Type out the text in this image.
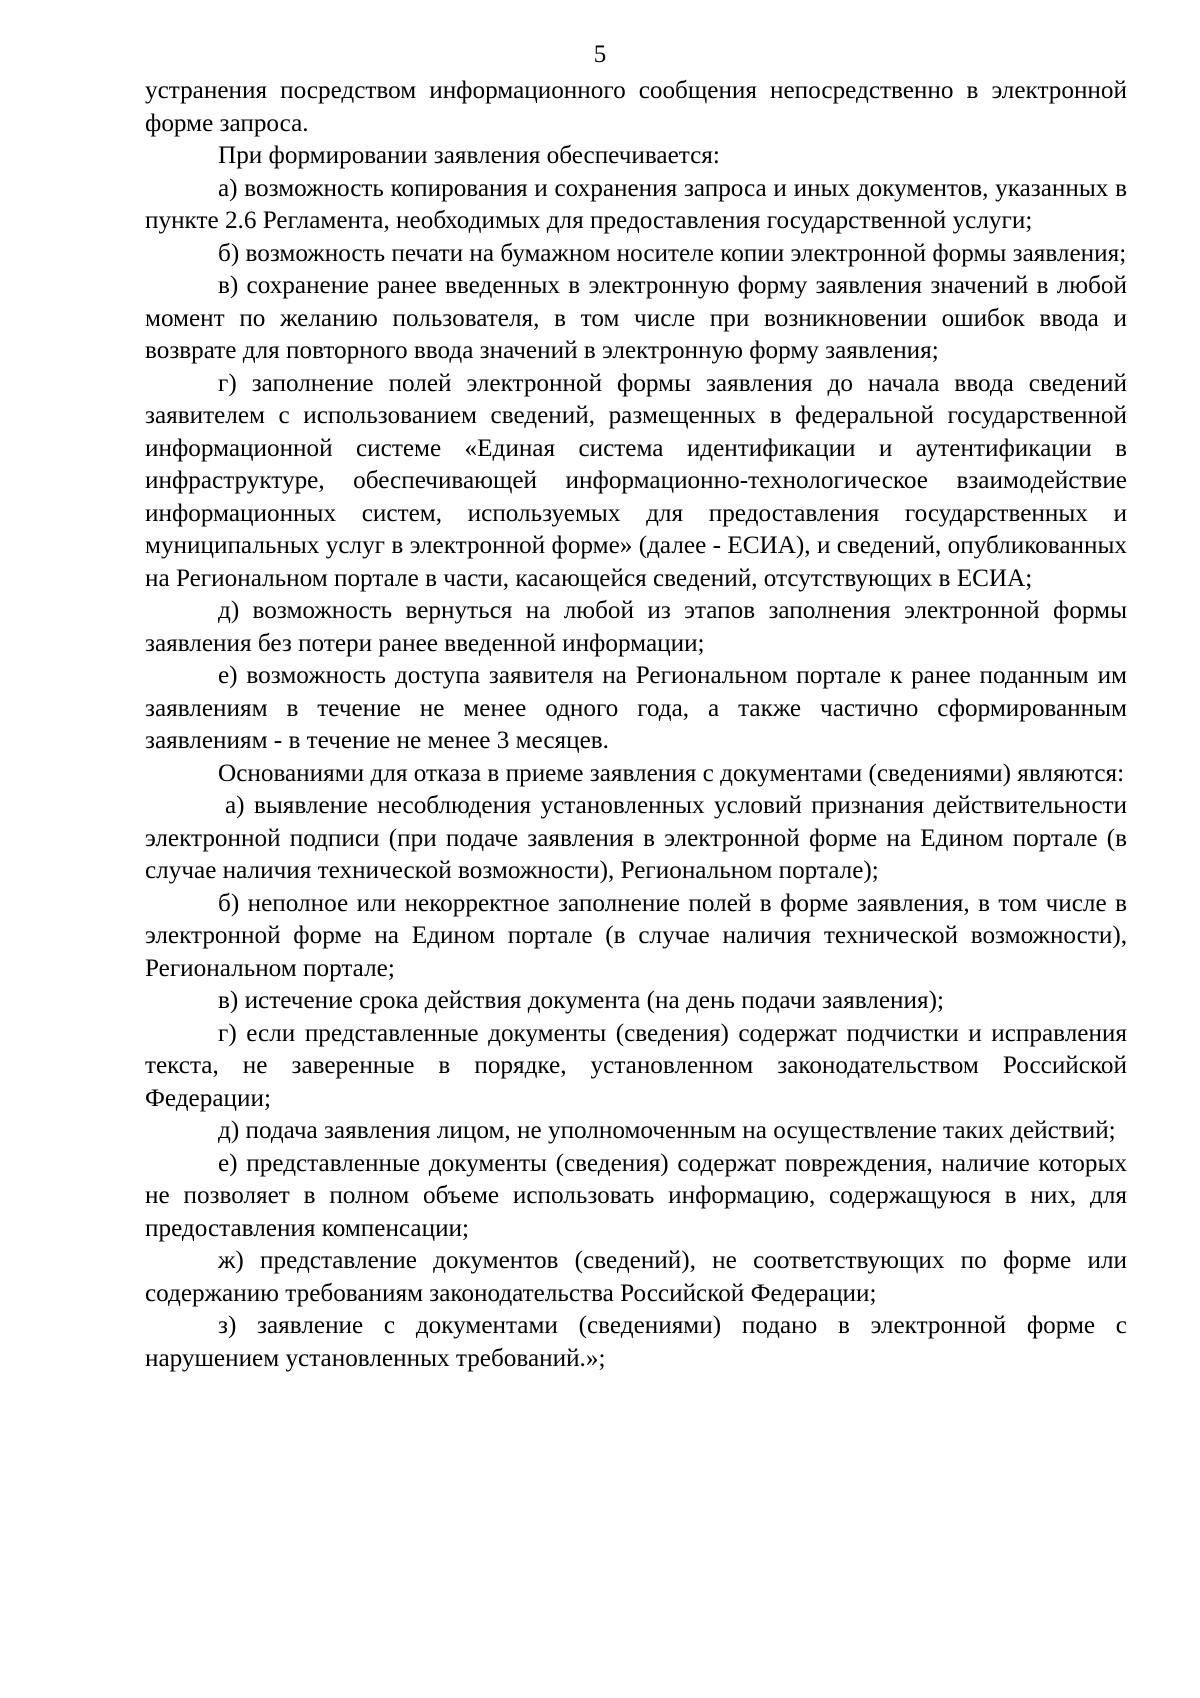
5

устранения посредством информационного сообщения непосредственно в электронной форме запроса.

При формировании заявления обеспечивается:

а) возможность копирования и сохранения запроса и иных документов, указанных в пункте 2.6 Регламента, необходимых для предоставления государственной услуги;

б) возможность печати на бумажном носителе копии электронной формы заявления;

в) сохранение ранее введенных в электронную форму заявления значений в любой момент по желанию пользователя, в том числе при возникновении ошибок ввода и возврате для повторного ввода значений в электронную форму заявления;

г) заполнение полей электронной формы заявления до начала ввода сведений заявителем с использованием сведений, размещенных в федеральной государственной информационной системе «Единая система идентификации и аутентификации в инфраструктуре, обеспечивающей информационно-технологическое взаимодействие информационных систем, используемых для предоставления государственных и муниципальных услуг в электронной форме» (далее - ЕСИА), и сведений, опубликованных на Региональном портале в части, касающейся сведений, отсутствующих в ЕСИА;

д) возможность вернуться на любой из этапов заполнения электронной формы заявления без потери ранее введенной информации;

е) возможность доступа заявителя на Региональном портале к ранее поданным им заявлениям в течение не менее одного года, а также частично сформированным заявлениям - в течение не менее 3 месяцев.

Основаниями для отказа в приеме заявления с документами (сведениями) являются:

а) выявление несоблюдения установленных условий признания действительности электронной подписи (при подаче заявления в электронной форме на Едином портале (в случае наличия технической возможности), Региональном портале);

б) неполное или некорректное заполнение полей в форме заявления, в том числе в электронной форме на Едином портале (в случае наличия технической возможности), Региональном портале;

в) истечение срока действия документа (на день подачи заявления);

г) если представленные документы (сведения) содержат подчистки и исправления текста, не заверенные в порядке, установленном законодательством Российской Федерации;

д) подача заявления лицом, не уполномоченным на осуществление таких действий;

е) представленные документы (сведения) содержат повреждения, наличие которых не позволяет в полном объеме использовать информацию, содержащуюся в них, для предоставления компенсации;

ж) представление документов (сведений), не соответствующих по форме или содержанию требованиям законодательства Российской Федерации;

з) заявление с документами (сведениями) подано в электронной форме с нарушением установленных требований.»;
